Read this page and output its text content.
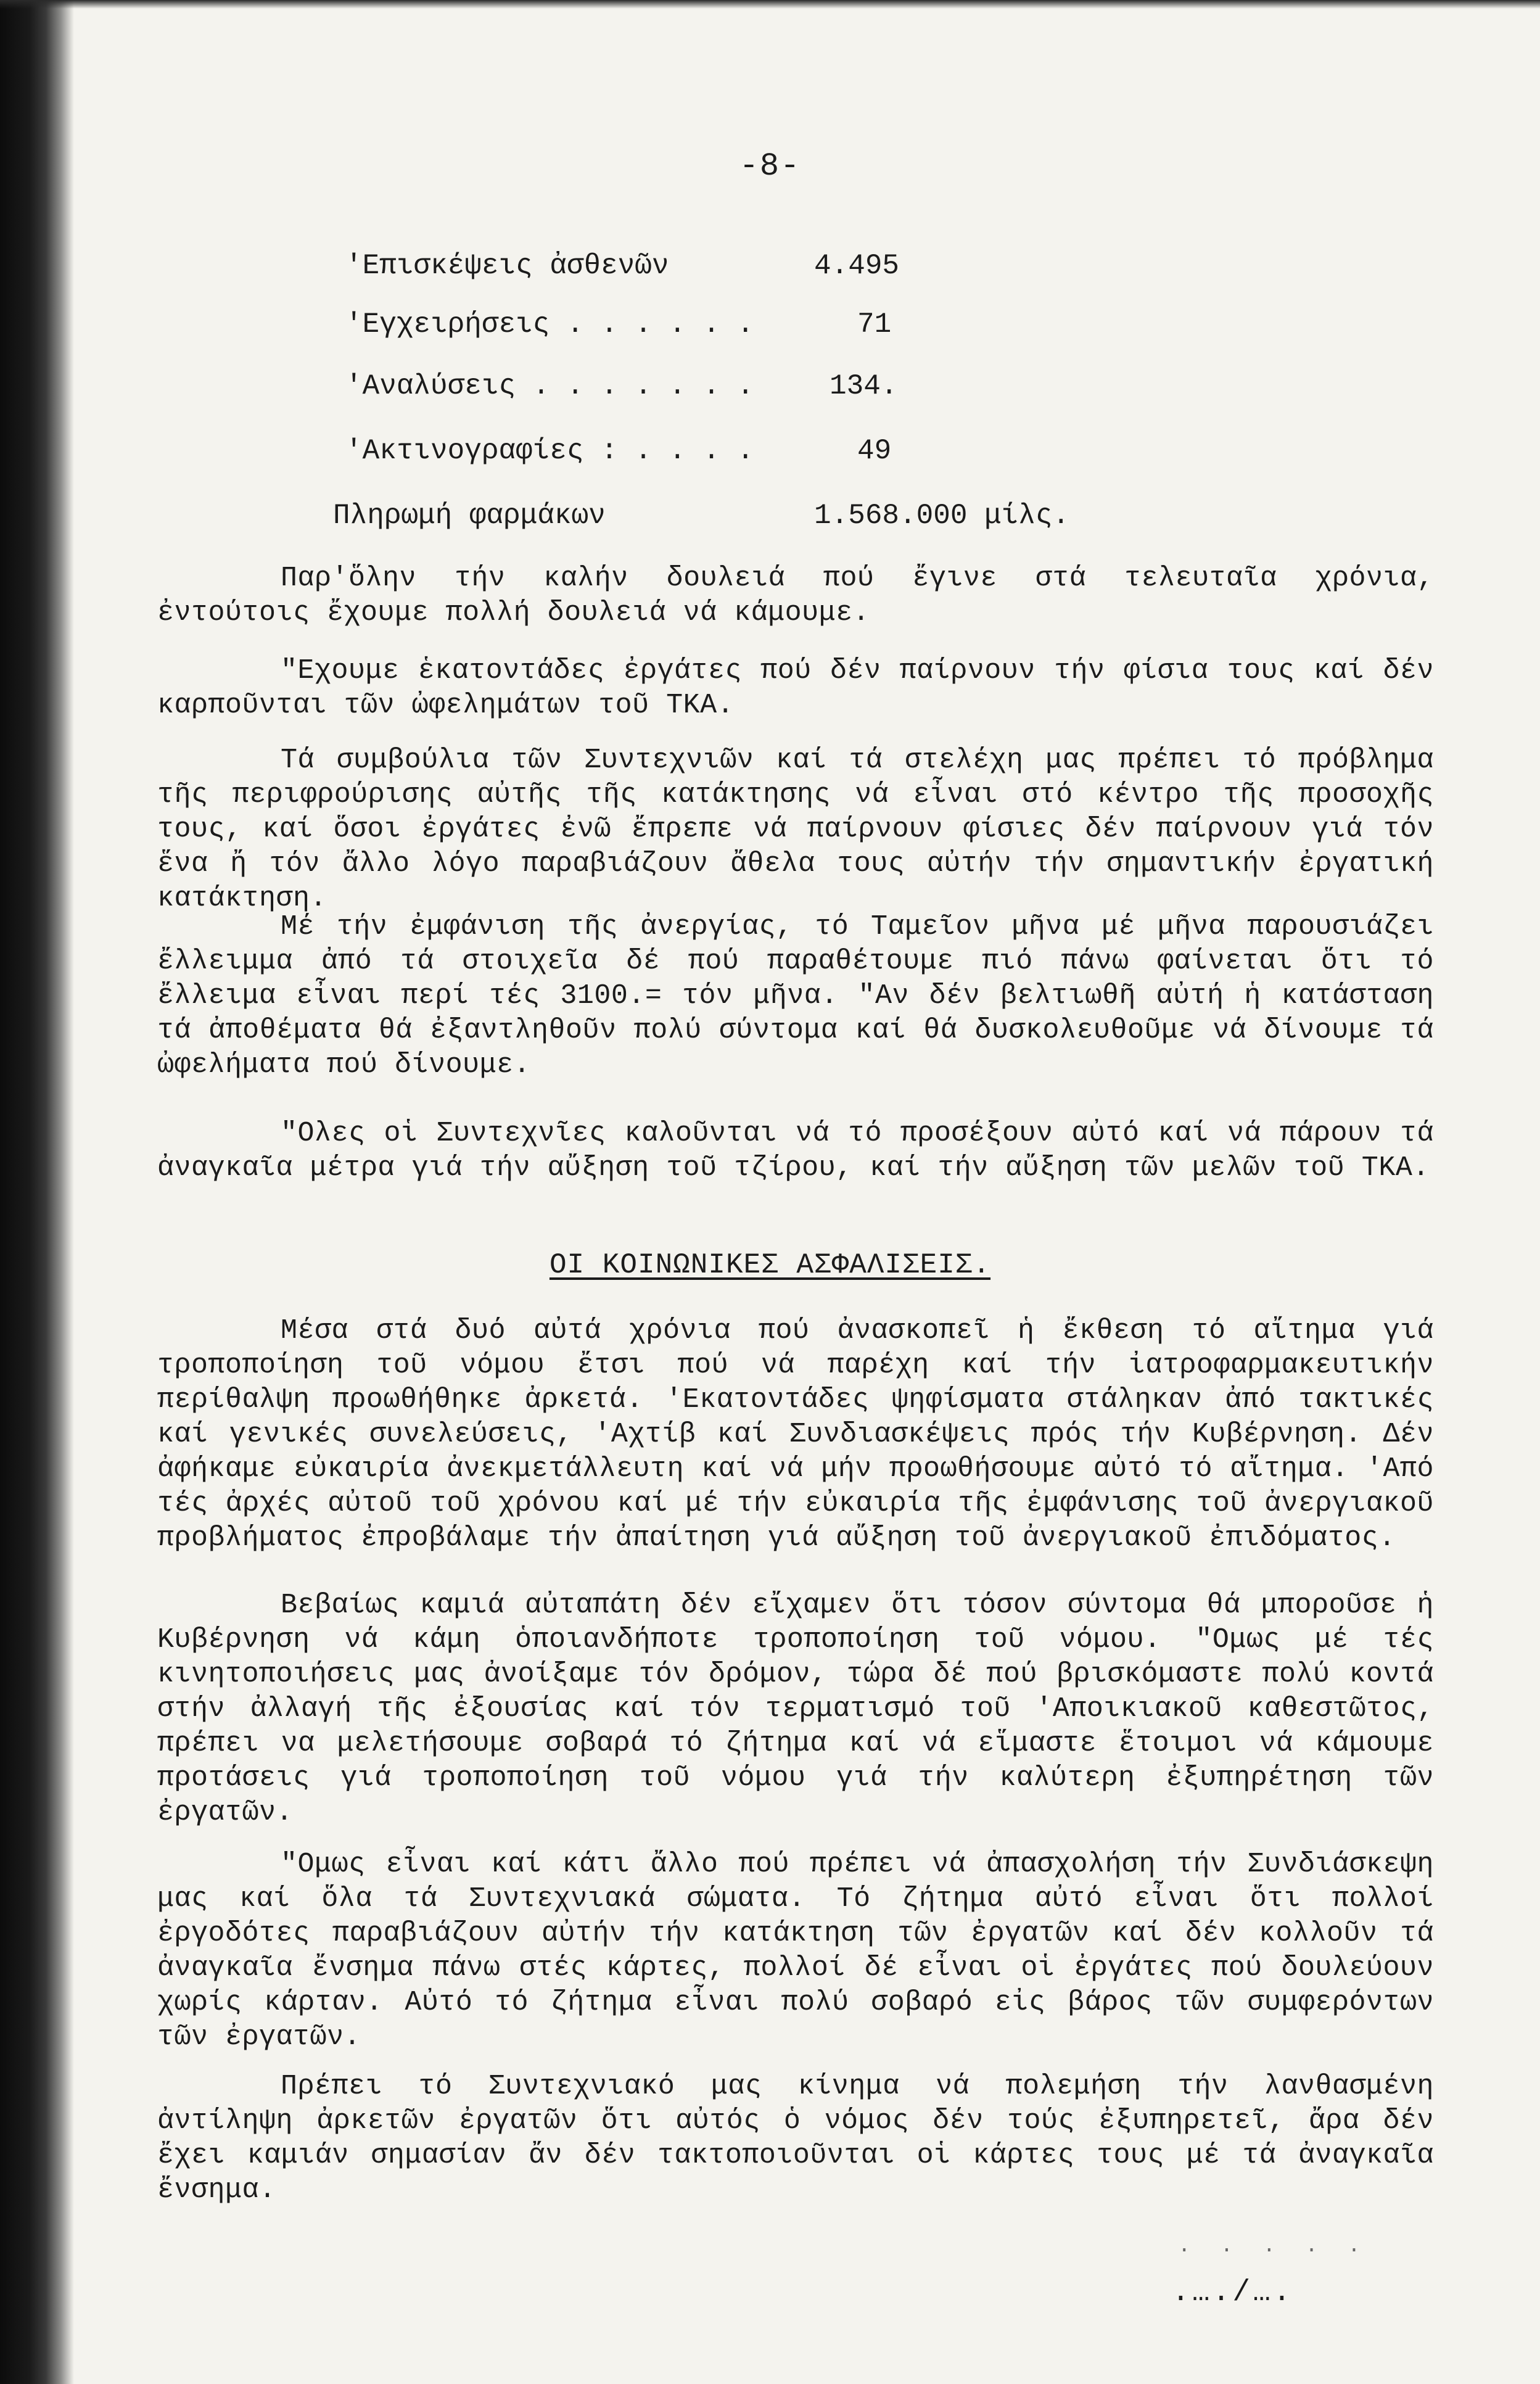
-8-
'Επισκέψεις ἀσθενῶν	4.495
'Εγχειρήσεις . . . . . .	71
'Αναλύσεις . . . . . . .	134.
'Ακτινογραφίες : . . . .	49
Πληρωμή φαρμάκων	1.568.000 μίλς.

Παρ'ὅλην τήν καλήν δουλειά πού ἔγινε στά τελευταῖα χρόνια, ἐντούτοις ἔχουμε πολλή δουλειά νά κάμουμε.

"Εχουμε ἑκατοντάδες ἐργάτες πού δέν παίρνουν τήν φίσια τους καί δέν καρποῦνται τῶν ὠφελημάτων τοῦ ΤΚΑ.

Τά συμβούλια τῶν Συντεχνιῶν καί τά στελέχη μας πρέπει τό πρόβλημα τῆς περιφρούρισης αὐτῆς τῆς κατάκτησης νά εἶναι στό κέντρο τῆς προσοχῆς τους, καί ὅσοι ἐργάτες ἐνῶ ἔπρεπε νά παίρνουν φίσιες δέν παίρνουν γιά τόν ἕνα ἤ τόν ἄλλο λόγο παραβιάζουν ἄθελα τους αὐτήν τήν σημαντικήν ἐργατική κατάκτηση.

Μέ τήν ἐμφάνιση τῆς ἀνεργίας, τό Ταμεῖον μῆνα μέ μῆνα παρουσιάζει ἔλλειμμα ἀπό τά στοιχεῖα δέ πού παραθέτουμε πιό πάνω φαίνεται ὅτι τό ἔλλειμα εἶναι περί τές 3100.= τόν μῆνα. "Αν δέν βελτιωθῆ αὐτή ἡ κατάσταση τά ἀποθέματα θά ἐξαντληθοῦν πολύ σύντομα καί θά δυσκολευθοῦμε νά δίνουμε τά ὠφελήματα πού δίνουμε.

"Ολες οἱ Συντεχνῖες καλοῦνται νά τό προσέξουν αὐτό καί νά πάρουν τά ἀναγκαῖα μέτρα γιά τήν αὔξηση τοῦ τζίρου, καί τήν αὔξηση τῶν μελῶν τοῦ ΤΚΑ.

ΟΙ ΚΟΙΝΩΝΙΚΕΣ ΑΣΦΑΛΙΣΕΙΣ.

Μέσα στά δυό αὐτά χρόνια πού ἀνασκοπεῖ ἡ ἔκθεση τό αἴτημα γιά τροποποίηση τοῦ νόμου ἔτσι πού νά παρέχη καί τήν ἰατροφαρμακευτικήν περίθαλψη προωθήθηκε ἀρκετά. 'Εκατοντάδες ψηφίσματα στάληκαν ἀπό τακτικές καί γενικές συνελεύσεις, 'Αχτίβ καί Συνδιασκέψεις πρός τήν Κυβέρνηση. Δέν ἀφήκαμε εὐκαιρία ἀνεκμετάλλευτη καί νά μήν προωθήσουμε αὐτό τό αἴτημα. 'Από τές ἀρχές αὐτοῦ τοῦ χρόνου καί μέ τήν εὐκαιρία τῆς ἐμφάνισης τοῦ ἀνεργιακοῦ προβλήματος ἐπροβάλαμε τήν ἀπαίτηση γιά αὔξηση τοῦ ἀνεργιακοῦ ἐπιδόματος.

Βεβαίως καμιά αὐταπάτη δέν εἴχαμεν ὅτι τόσον σύντομα θά μποροῦσε ἡ Κυβέρνηση νά κάμη ὁποιανδήποτε τροποποίηση τοῦ νόμου. "Ομως μέ τές κινητοποιήσεις μας ἀνοίξαμε τόν δρόμον, τώρα δέ πού βρισκόμαστε πολύ κοντά στήν ἀλλαγή τῆς ἐξουσίας καί τόν τερματισμό τοῦ 'Αποικιακοῦ καθεστῶτος, πρέπει να μελετήσουμε σοβαρά τό ζήτημα καί νά εἵμαστε ἕτοιμοι νά κάμουμε προτάσεις γιά τροποποίηση τοῦ νόμου γιά τήν καλύτερη ἐξυπηρέτηση τῶν ἐργατῶν.

"Ομως εἶναι καί κάτι ἄλλο πού πρέπει νά ἀπασχολήση τήν Συνδιάσκεψη μας καί ὅλα τά Συντεχνιακά σώματα. Τό ζήτημα αὐτό εἶναι ὅτι πολλοί ἐργοδότες παραβιάζουν αὐτήν τήν κατάκτηση τῶν ἐργατῶν καί δέν κολλοῦν τά ἀναγκαῖα ἔνσημα πάνω στές κάρτες, πολλοί δέ εἶναι οἱ ἐργάτες πού δουλεύουν χωρίς κάρταν. Αὐτό τό ζήτημα εἶναι πολύ σοβαρό εἰς βάρος τῶν συμφερόντων τῶν ἐργατῶν.

Πρέπει τό Συντεχνιακό μας κίνημα νά πολεμήση τήν λανθασμένη ἀντίληψη ἀρκετῶν ἐργατῶν ὅτι αὐτός ὁ νόμος δέν τούς ἐξυπηρετεῖ, ἄρα δέν ἔχει καμιάν σημασίαν ἄν δέν τακτοποιοῦνται οἱ κάρτες τους μέ τά ἀναγκαῖα ἔνσημα.

· · · · ·
.…./….
